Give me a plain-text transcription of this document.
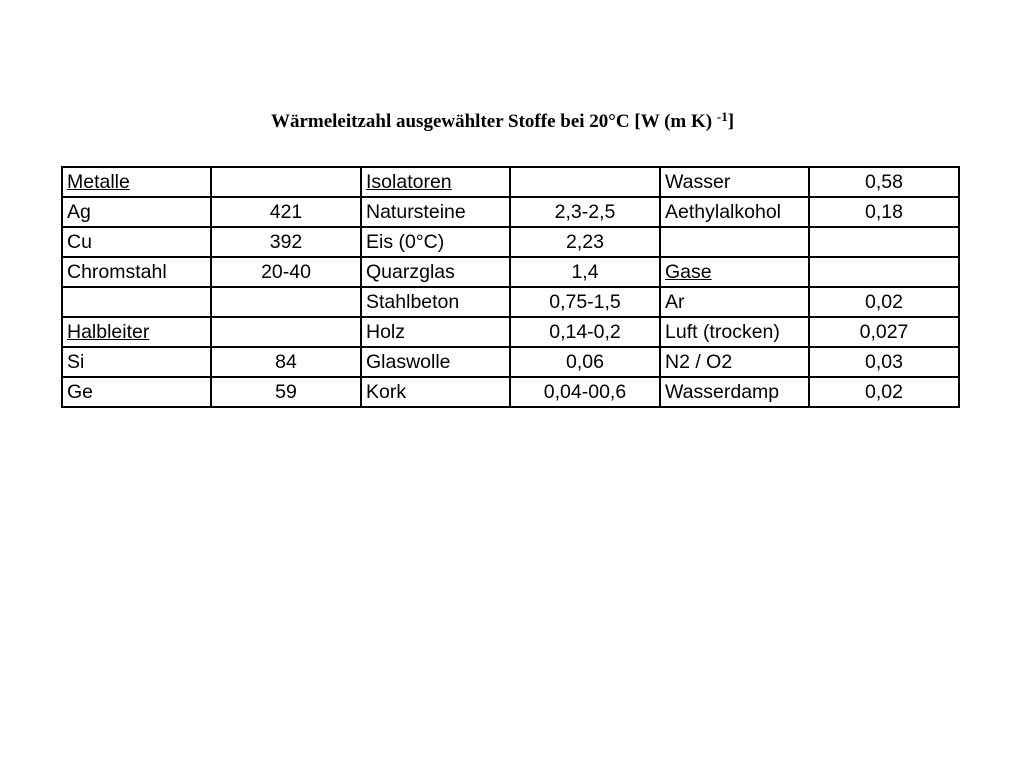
Wärmeleitzahl ausgewählter Stoffe bei 20°C [W (m K) $^{-1}$]
Metalle		Isolatoren		Wasser	0,58
Ag	421	Natursteine	2,3-2,5	Aethylalkohol	0,18
Cu	392	Eis (0°C)	2,23		
Chromstahl	20-40	Quarzglas	1,4	Gase	
		Stahlbeton	0,75-1,5	Ar	0,02
Halbleiter		Holz	0,14-0,2	Luft (trocken)	0,027
Si	84	Glaswolle	0,06	N2 / O2	0,03
Ge	59	Kork	0,04-00,6	Wasserdamp	0,02
